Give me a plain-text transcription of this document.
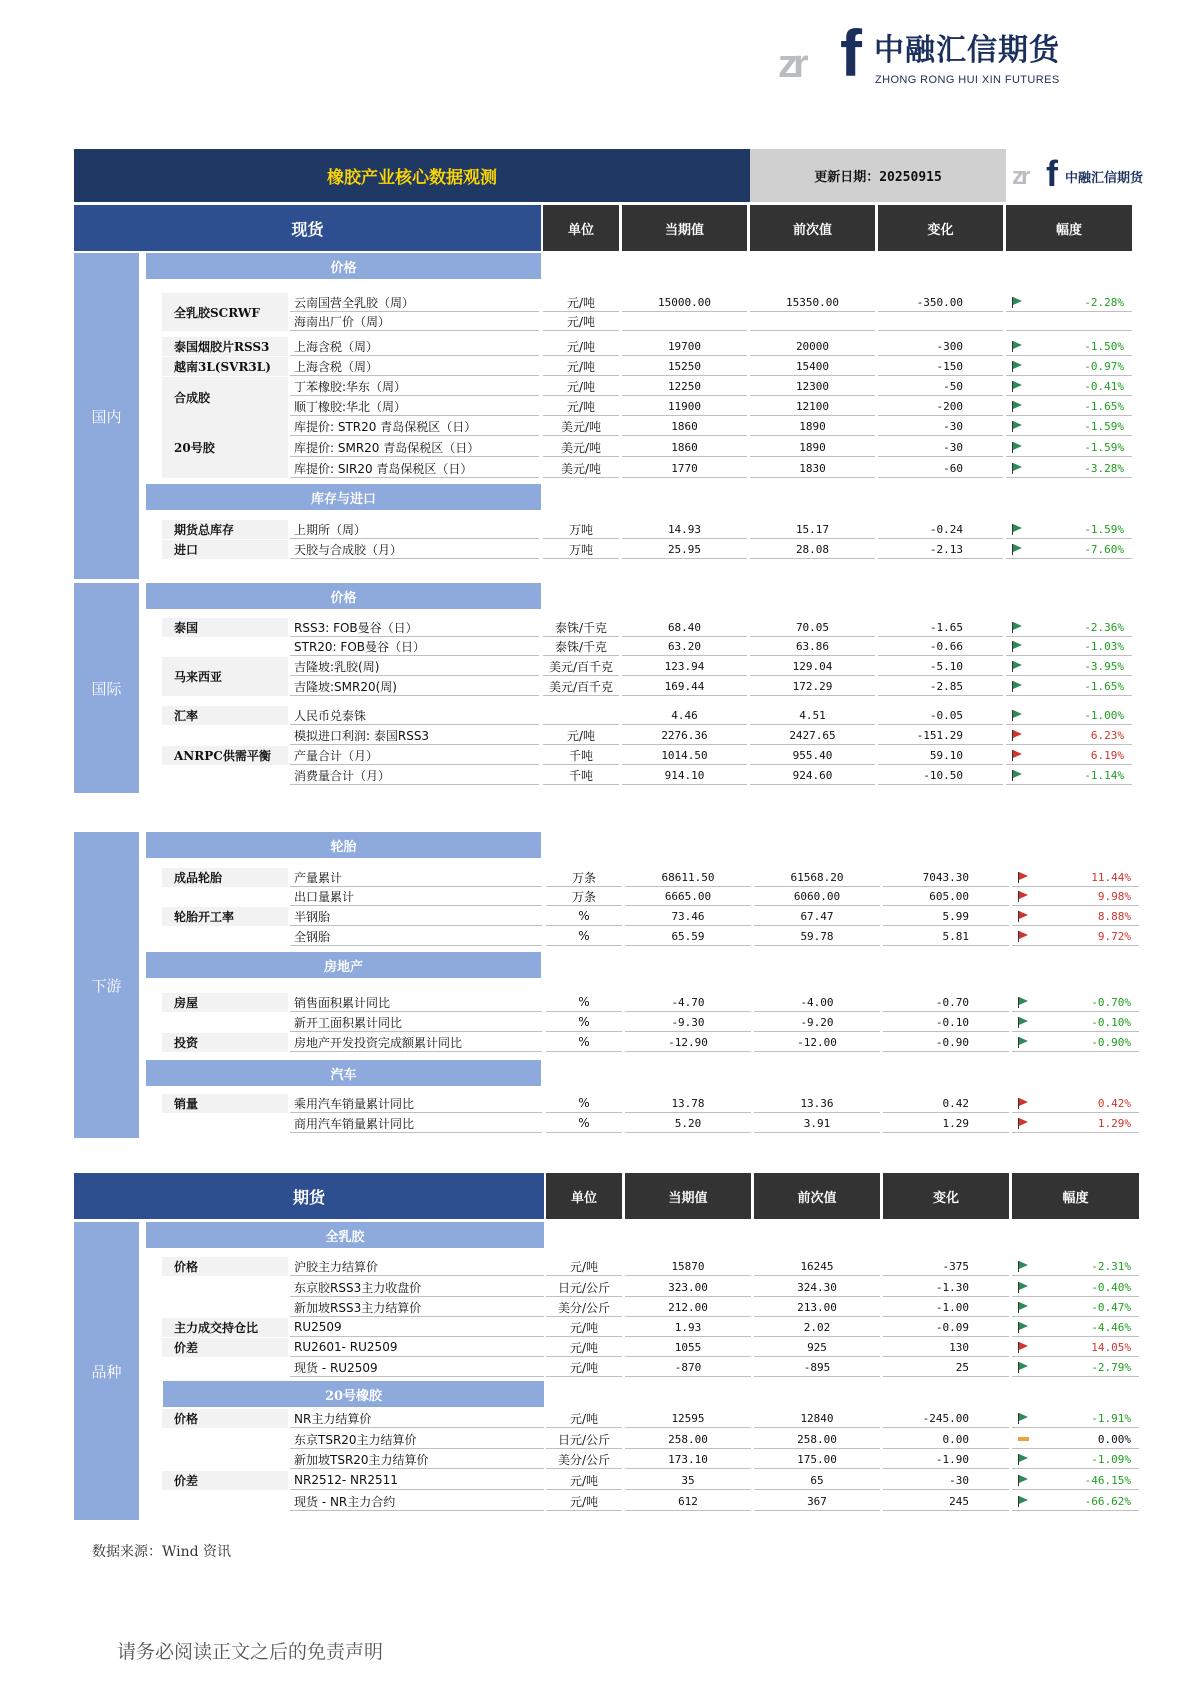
zr f 中融汇信期货
ZHONG RONG HUI XIN FUTURES
橡胶产业核心数据观测	更新日期：20250915	zr f 中融汇信期货
现货	单位	当期值	前次值	变化	幅度
国内
价格
库存与进口
国际
价格
下游
轮胎
房地产
汽车
期货	单位	当期值	前次值	变化	幅度
品种
全乳胶
20号橡胶
全乳胶SCRWF
云南国营全乳胶（周）	元/吨	15000.00	15350.00	-350.00	-2.28%
海南出厂价（周）	元/吨
泰国烟胶片RSS3	上海含税（周）	元/吨	19700	20000	-300	-1.50%
越南3L(SVR3L)	上海含税（周）	元/吨	15250	15400	-150	-0.97%
合成胶
丁苯橡胶:华东（周）	元/吨	12250	12300	-50	-0.41%
顺丁橡胶:华北（周）	元/吨	11900	12100	-200	-1.65%
20号胶
库提价: STR20 青岛保税区（日）	美元/吨	1860	1890	-30	-1.59%
库提价: SMR20 青岛保税区（日）	美元/吨	1860	1890	-30	-1.59%
库提价: SIR20 青岛保税区（日）	美元/吨	1770	1830	-60	-3.28%
期货总库存	上期所（周）	万吨	14.93	15.17	-0.24	-1.59%
进口	天胶与合成胶（月）	万吨	25.95	28.08	-2.13	-7.60%
泰国	RSS3: FOB曼谷（日）	泰铢/千克	68.40	70.05	-1.65	-2.36%
STR20: FOB曼谷（日）	泰铢/千克	63.20	63.86	-0.66	-1.03%
马来西亚
吉隆坡:乳胶(周)	美元/百千克	123.94	129.04	-5.10	-3.95%
吉隆坡:SMR20(周)	美元/百千克	169.44	172.29	-2.85	-1.65%
汇率	人民币兑泰铢	4.46	4.51	-0.05	-1.00%
模拟进口利润: 泰国RSS3	元/吨	2276.36	2427.65	-151.29	6.23%
ANRPC供需平衡	产量合计（月）	千吨	1014.50	955.40	59.10	6.19%
消费量合计（月）	千吨	914.10	924.60	-10.50	-1.14%
成品轮胎	产量累计	万条	68611.50	61568.20	7043.30	11.44%
出口量累计	万条	6665.00	6060.00	605.00	9.98%
轮胎开工率	半钢胎	%	73.46	67.47	5.99	8.88%
全钢胎	%	65.59	59.78	5.81	9.72%
房屋	销售面积累计同比	%	-4.70	-4.00	-0.70	-0.70%
新开工面积累计同比	%	-9.30	-9.20	-0.10	-0.10%
投资	房地产开发投资完成额累计同比	%	-12.90	-12.00	-0.90	-0.90%
销量	乘用汽车销量累计同比	%	13.78	13.36	0.42	0.42%
商用汽车销量累计同比	%	5.20	3.91	1.29	1.29%
价格	沪胶主力结算价	元/吨	15870	16245	-375	-2.31%
东京胶RSS3主力收盘价	日元/公斤	323.00	324.30	-1.30	-0.40%
新加坡RSS3主力结算价	美分/公斤	212.00	213.00	-1.00	-0.47%
主力成交持仓比	RU2509	元/吨	1.93	2.02	-0.09	-4.46%
价差	RU2601- RU2509	元/吨	1055	925	130	14.05%
现货 - RU2509	元/吨	-870	-895	25	-2.79%
价格	NR主力结算价	元/吨	12595	12840	-245.00	-1.91%
东京TSR20主力结算价	日元/公斤	258.00	258.00	0.00	0.00%
新加坡TSR20主力结算价	美分/公斤	173.10	175.00	-1.90	-1.09%
价差	NR2512- NR2511	元/吨	35	65	-30	-46.15%
现货 - NR主力合约	元/吨	612	367	245	-66.62%
数据来源：Wind 资讯
请务必阅读正文之后的免责声明
